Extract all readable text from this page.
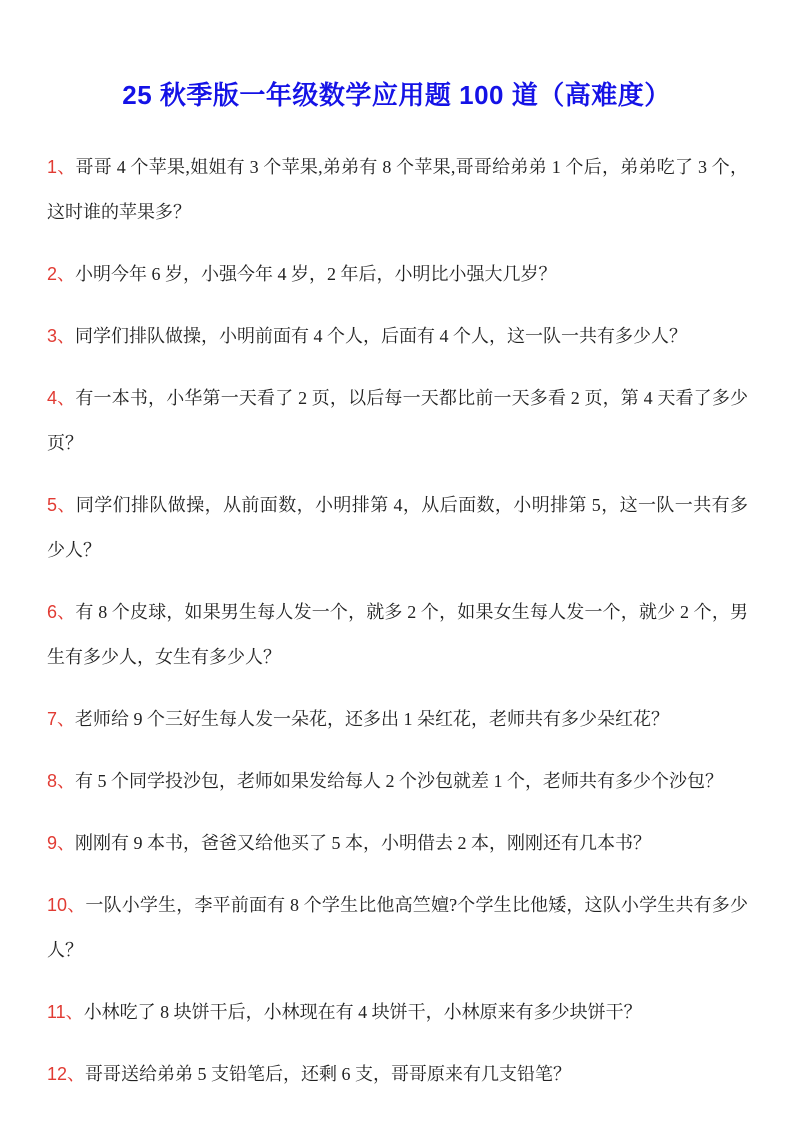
25 秋季版一年级数学应用题 100 道（高难度）

1、哥哥 4 个苹果,姐姐有 3 个苹果,弟弟有 8 个苹果,哥哥给弟弟 1 个后，弟弟吃了 3 个，这时谁的苹果多？

2、小明今年 6 岁，小强今年 4 岁，2 年后，小明比小强大几岁？

3、同学们排队做操，小明前面有 4 个人，后面有 4 个人，这一队一共有多少人？

4、有一本书，小华第一天看了 2 页，以后每一天都比前一天多看 2 页，第 4 天看了多少页？

5、同学们排队做操，从前面数，小明排第 4，从后面数，小明排第 5，这一队一共有多少人？

6、有 8 个皮球，如果男生每人发一个，就多 2 个，如果女生每人发一个，就少 2 个，男生有多少人，女生有多少人？

7、老师给 9 个三好生每人发一朵花，还多出 1 朵红花，老师共有多少朵红花？

8、有 5 个同学投沙包，老师如果发给每人 2 个沙包就差 1 个，老师共有多少个沙包？

9、刚刚有 9 本书，爸爸又给他买了 5 本，小明借去 2 本，刚刚还有几本书？

10、一队小学生，李平前面有 8 个学生比他高竺嬗?个学生比他矮，这队小学生共有多少人？

11、小林吃了 8 块饼干后，小林现在有 4 块饼干，小林原来有多少块饼干？

12、哥哥送给弟弟 5 支铅笔后，还剩 6 支，哥哥原来有几支铅笔？
